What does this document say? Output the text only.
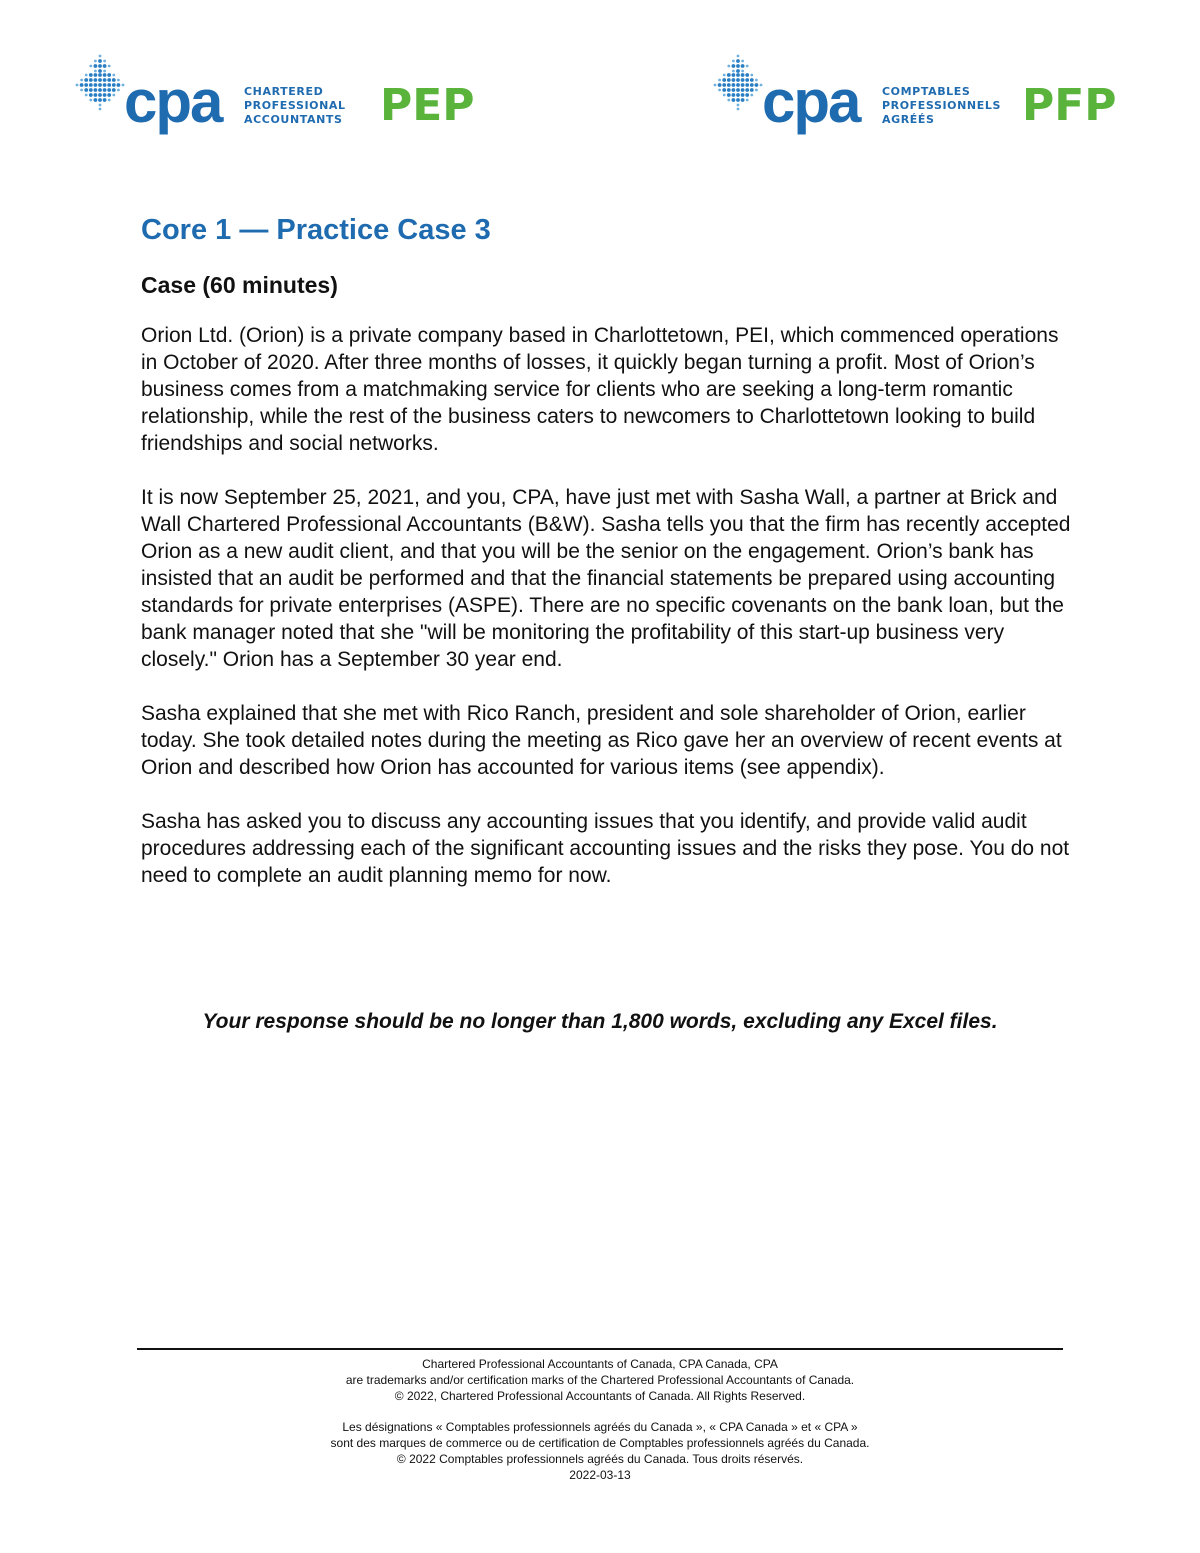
cpa CHARTERED
PROFESSIONAL
ACCOUNTANTS PEP	cpa COMPTABLES
PROFESSIONNELS
AGRÉÉS	PFP
Core 1 — Practice Case 3
Case (60 minutes)

Orion Ltd. (Orion) is a private company based in Charlottetown, PEI, which commenced operations in October of 2020. After three months of losses, it quickly began turning a profit. Most of Orion’s business comes from a matchmaking service for clients who are seeking a long-term romantic relationship, while the rest of the business caters to newcomers to Charlottetown looking to build friendships and social networks.

It is now September 25, 2021, and you, CPA, have just met with Sasha Wall, a partner at Brick and Wall Chartered Professional Accountants (B&W). Sasha tells you that the firm has recently accepted Orion as a new audit client, and that you will be the senior on the engagement. Orion’s bank has insisted that an audit be performed and that the financial statements be prepared using accounting standards for private enterprises (ASPE). There are no specific covenants on the bank loan, but the bank manager noted that she "will be monitoring the profitability of this start-up business very closely." Orion has a September 30 year end.

Sasha explained that she met with Rico Ranch, president and sole shareholder of Orion, earlier today. She took detailed notes during the meeting as Rico gave her an overview of recent events at Orion and described how Orion has accounted for various items (see appendix).

Sasha has asked you to discuss any accounting issues that you identify, and provide valid audit procedures addressing each of the significant accounting issues and the risks they pose. You do not need to complete an audit planning memo for now.

Your response should be no longer than 1,800 words, excluding any Excel files.
Chartered Professional Accountants of Canada, CPA Canada, CPA
are trademarks and/or certification marks of the Chartered Professional Accountants of Canada.
© 2022, Chartered Professional Accountants of Canada. All Rights Reserved.
Les désignations « Comptables professionnels agréés du Canada », « CPA Canada » et « CPA »
sont des marques de commerce ou de certification de Comptables professionnels agréés du Canada.
© 2022 Comptables professionnels agréés du Canada. Tous droits réservés.
2022-03-13
